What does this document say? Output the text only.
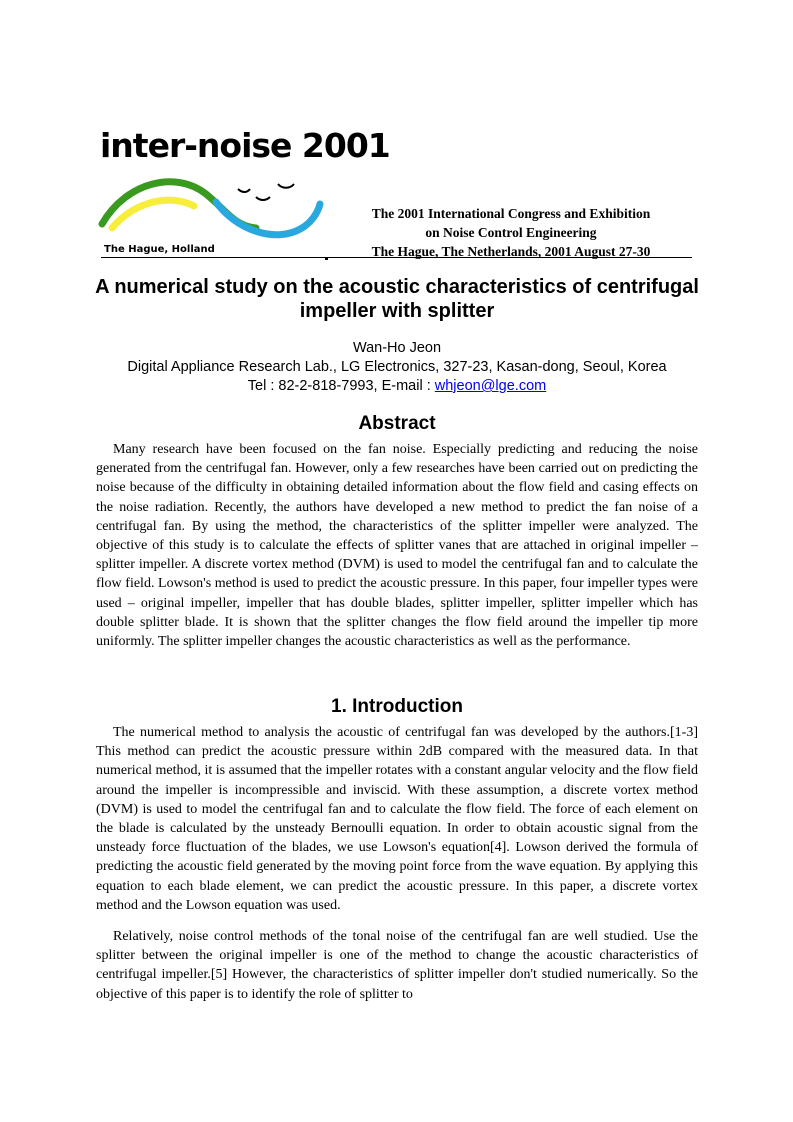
inter-noise 2001
The Hague, Holland
The 2001 International Congress and Exhibition
on Noise Control Engineering
The Hague, The Netherlands, 2001 August 27-30
A numerical study on the acoustic characteristics of centrifugal impeller with splitter
Wan-Ho Jeon
Digital Appliance Research Lab., LG Electronics, 327-23, Kasan-dong, Seoul, Korea
Tel : 82-2-818-7993, E-mail : whjeon@lge.com
Abstract

Many research have been focused on the fan noise. Especially predicting and reducing the noise generated from the centrifugal fan. However, only a few researches have been carried out on predicting the noise because of the difficulty in obtaining detailed information about the flow field and casing effects on the noise radiation. Recently, the authors have developed a new method to predict the fan noise of a centrifugal fan. By using the method, the characteristics of the splitter impeller were analyzed. The objective of this study is to calculate the effects of splitter vanes that are attached in original impeller – splitter impeller. A discrete vortex method (DVM) is used to model the centrifugal fan and to calculate the flow field. Lowson's method is used to predict the acoustic pressure. In this paper, four impeller types were used – original impeller, impeller that has double blades, splitter impeller, splitter impeller which has double splitter blade. It is shown that the splitter changes the flow field around the impeller tip more uniformly. The splitter impeller changes the acoustic characteristics as well as the performance.

1. Introduction

The numerical method to analysis the acoustic of centrifugal fan was developed by the authors.[1-3] This method can predict the acoustic pressure within 2dB compared with the measured data. In that numerical method, it is assumed that the impeller rotates with a constant angular velocity and the flow field around the impeller is incompressible and inviscid. With these assumption, a discrete vortex method (DVM) is used to model the centrifugal fan and to calculate the flow field. The force of each element on the blade is calculated by the unsteady Bernoulli equation. In order to obtain acoustic signal from the unsteady force fluctuation of the blades, we use Lowson's equation[4]. Lowson derived the formula of predicting the acoustic field generated by the moving point force from the wave equation. By applying this equation to each blade element, we can predict the acoustic pressure. In this paper, a discrete vortex method and the Lowson equation was used.

Relatively, noise control methods of the tonal noise of the centrifugal fan are well studied. Use the splitter between the original impeller is one of the method to change the acoustic characteristics of centrifugal impeller.[5] However, the characteristics of splitter impeller don't studied numerically. So the objective of this paper is to identify the role of splitter to
